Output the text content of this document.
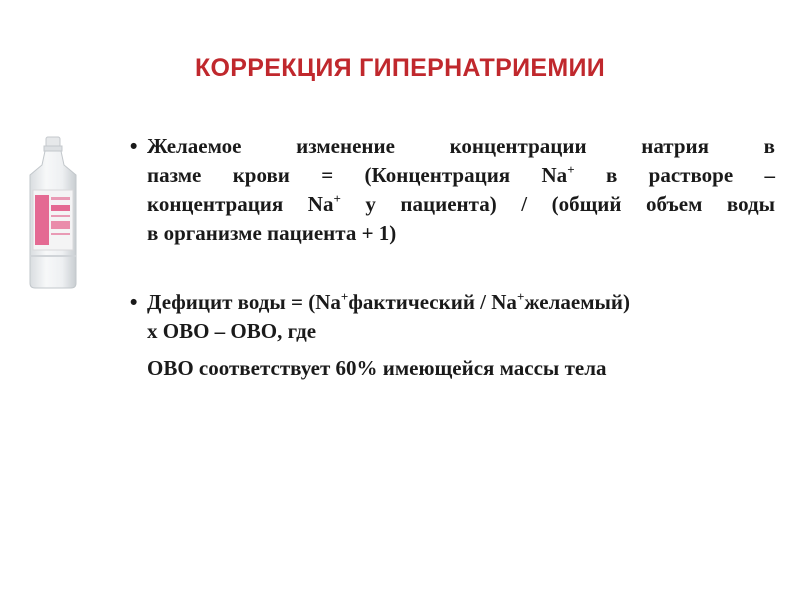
КОРРЕКЦИЯ ГИПЕРНАТРИЕМИИ
• Желаемое изменение концентрации натрия в
пазме крови = (Концентрация Na+ в растворе –
концентрация Na+ у пациента) / (общий объем воды
в организме пациента + 1)
• Дефицит воды = (Na+фактический / Na+желаемый)
х ОВО – ОВО, где
ОВО соответствует 60% имеющейся массы тела
